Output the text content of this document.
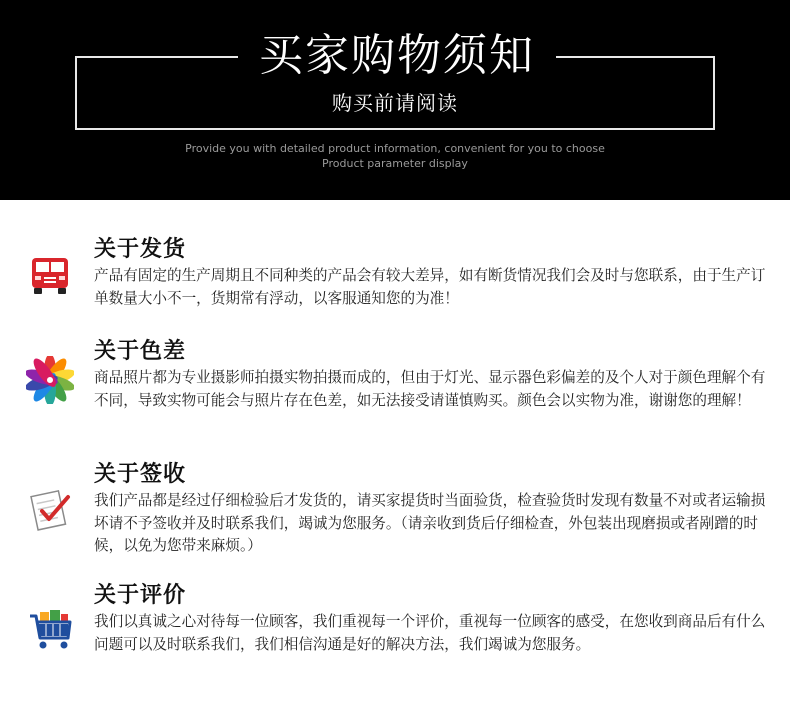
买家购物须知
购买前请阅读
Provide you with detailed product information, convenient for you to choose
Product parameter display
关于发货
产品有固定的生产周期且不同种类的产品会有较大差异，如有断货情况我们会及时与您联系，由于生产订单数量大小不一，货期常有浮动，以客服通知您的为准！
关于色差
商品照片都为专业摄影师拍摄实物拍摄而成的，但由于灯光、显示器色彩偏差的及个人对于颜色理解个有不同，导致实物可能会与照片存在色差，如无法接受请谨慎购买。颜色会以实物为准，谢谢您的理解！
关于签收
我们产品都是经过仔细检验后才发货的，请买家提货时当面验货，检查验货时发现有数量不对或者运输损坏请不予签收并及时联系我们，竭诚为您服务。（请亲收到货后仔细检查，外包装出现磨损或者剐蹭的时候，以免为您带来麻烦。）
关于评价
我们以真诚之心对待每一位顾客，我们重视每一个评价，重视每一位顾客的感受，在您收到商品后有什么问题可以及时联系我们，我们相信沟通是好的解决方法，我们竭诚为您服务。
